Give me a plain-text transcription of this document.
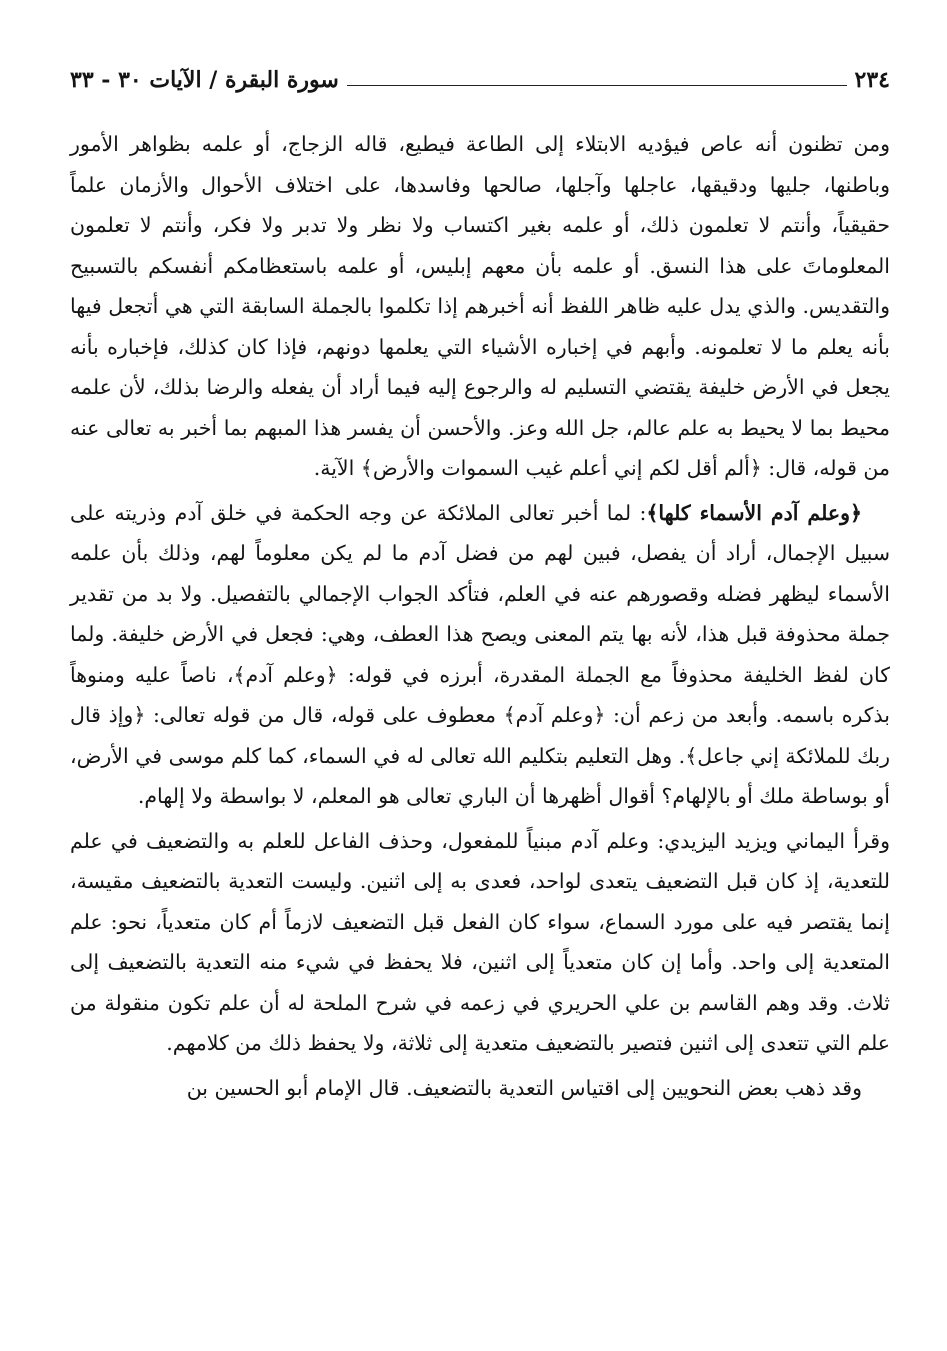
٢٣٤
سورة البقرة / الآيات ٣٠ - ٣٣

ومن تظنون أنه عاص فيؤديه الابتلاء إلى الطاعة فيطيع، قاله الزجاج، أو علمه بظواهر الأمور وباطنها، جليها ودقيقها، عاجلها وآجلها، صالحها وفاسدها، على اختلاف الأحوال والأزمان علماً حقيقياً، وأنتم لا تعلمون ذلك، أو علمه بغير اكتساب ولا نظر ولا تدبر ولا فكر، وأنتم لا تعلمون المعلوماتَ على هذا النسق. أو علمه بأن معهم إبليس، أو علمه باستعظامكم أنفسكم بالتسبيح والتقديس. والذي يدل عليه ظاهر اللفظ أنه أخبرهم إذا تكلموا بالجملة السابقة التي هي أتجعل فيها بأنه يعلم ما لا تعلمونه. وأبهم في إخباره الأشياء التي يعلمها دونهم، فإذا كان كذلك، فإخباره بأنه يجعل في الأرض خليفة يقتضي التسليم له والرجوع إليه فيما أراد أن يفعله والرضا بذلك، لأن علمه محيط بما لا يحيط به علم عالم، جل الله وعز. والأحسن أن يفسر هذا المبهم بما أخبر به تعالى عنه من قوله، قال: ﴿ألم أقل لكم إني أعلم غيب السموات والأرض﴾ الآية.

﴿وعلم آدم الأسماء كلها﴾: لما أخبر تعالى الملائكة عن وجه الحكمة في خلق آدم وذريته على سبيل الإجمال، أراد أن يفصل، فبين لهم من فضل آدم ما لم يكن معلوماً لهم، وذلك بأن علمه الأسماء ليظهر فضله وقصورهم عنه في العلم، فتأكد الجواب الإجمالي بالتفصيل. ولا بد من تقدير جملة محذوفة قبل هذا، لأنه بها يتم المعنى ويصح هذا العطف، وهي: فجعل في الأرض خليفة. ولما كان لفظ الخليفة محذوفاً مع الجملة المقدرة، أبرزه في قوله: ﴿وعلم آدم﴾، ناصاً عليه ومنوهاً بذكره باسمه. وأبعد من زعم أن: ﴿وعلم آدم﴾ معطوف على قوله، قال من قوله تعالى: ﴿وإذ قال ربك للملائكة إني جاعل﴾. وهل التعليم بتكليم الله تعالى له في السماء، كما كلم موسى في الأرض، أو بوساطة ملك أو بالإلهام؟ أقوال أظهرها أن الباري تعالى هو المعلم، لا بواسطة ولا إلهام.

وقرأ اليماني ويزيد اليزيدي: وعلم آدم مبنياً للمفعول، وحذف الفاعل للعلم به والتضعيف في علم للتعدية، إذ كان قبل التضعيف يتعدى لواحد، فعدى به إلى اثنين. وليست التعدية بالتضعيف مقيسة، إنما يقتصر فيه على مورد السماع، سواء كان الفعل قبل التضعيف لازماً أم كان متعدياً، نحو: علم المتعدية إلى واحد. وأما إن كان متعدياً إلى اثنين، فلا يحفظ في شيء منه التعدية بالتضعيف إلى ثلاث. وقد وهم القاسم بن علي الحريري في زعمه في شرح الملحة له أن علم تكون منقولة من علم التي تتعدى إلى اثنين فتصير بالتضعيف متعدية إلى ثلاثة، ولا يحفظ ذلك من كلامهم.

وقد ذهب بعض النحويين إلى اقتياس التعدية بالتضعيف. قال الإمام أبو الحسين بن
